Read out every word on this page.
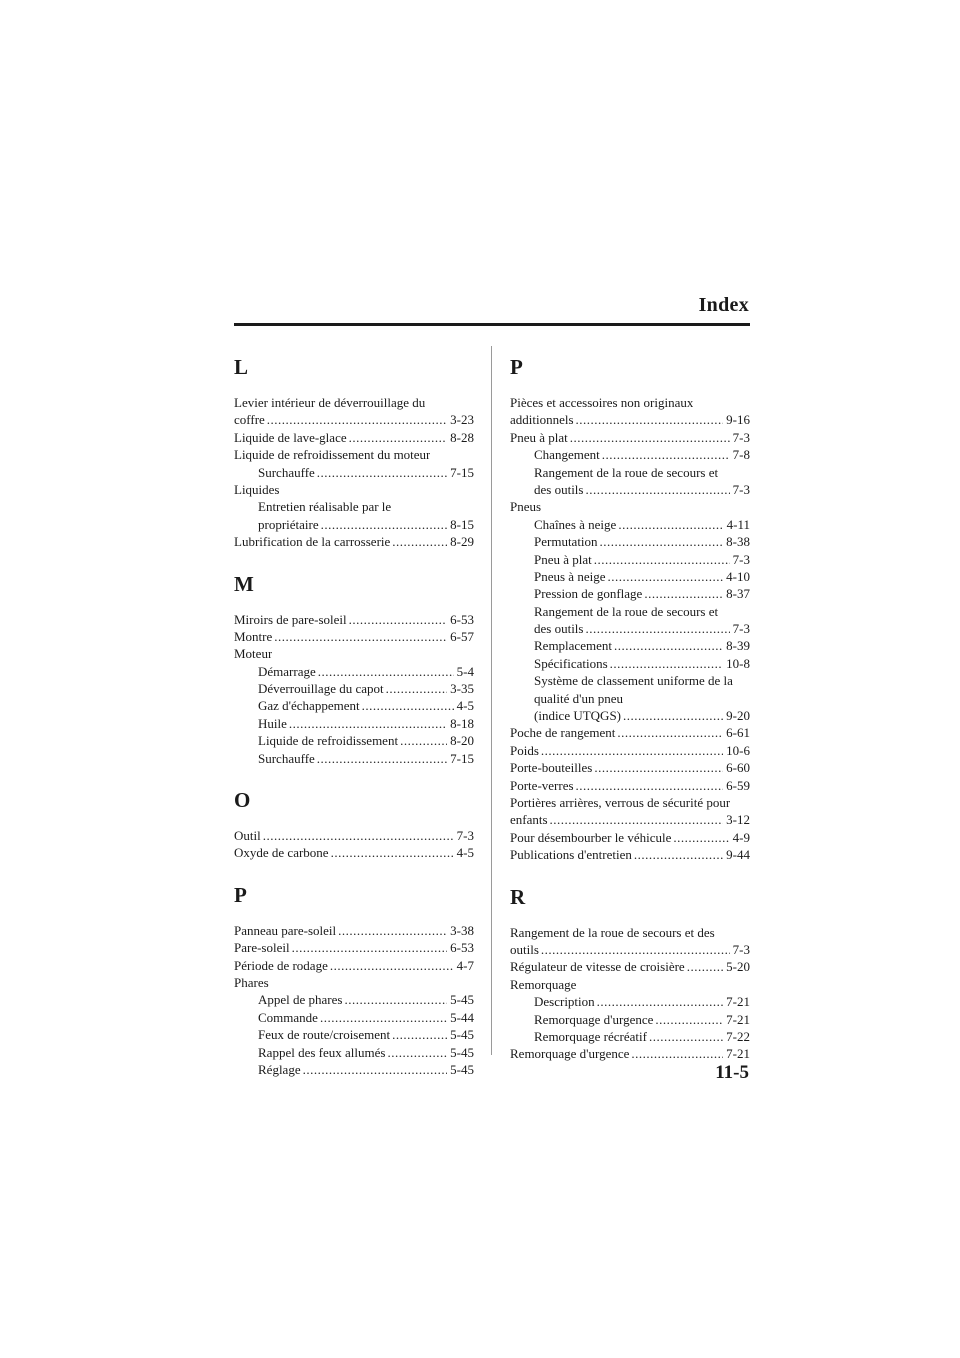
Index
L
Levier intérieur de déverrouillage du
coffre .....	3-23
Liquide de lave-glace .....	8-28
Liquide de refroidissement du moteur
Surchauffe .....	7-15
Liquides
Entretien réalisable par le
propriétaire .....	8-15
Lubrification de la carrosserie .....	8-29
M
Miroirs de pare-soleil .....	6-53
Montre .....	6-57
Moteur
Démarrage .....	5-4
Déverrouillage du capot .....	3-35
Gaz d'échappement .....	4-5
Huile .....	8-18
Liquide de refroidissement .....	8-20
Surchauffe .....	7-15
O
Outil .....	7-3
Oxyde de carbone .....	4-5
P
Panneau pare-soleil .....	3-38
Pare-soleil .....	6-53
Période de rodage .....	4-7
Phares
Appel de phares .....	5-45
Commande .....	5-44
Feux de route/croisement .....	5-45
Rappel des feux allumés .....	5-45
Réglage .....	5-45
P
Pièces et accessoires non originaux
additionnels .....	9-16
Pneu à plat .....	7-3
Changement .....	7-8
Rangement de la roue de secours et
des outils .....	7-3
Pneus
Chaînes à neige .....	4-11
Permutation .....	8-38
Pneu à plat .....	7-3
Pneus à neige .....	4-10
Pression de gonflage .....	8-37
Rangement de la roue de secours et
des outils .....	7-3
Remplacement .....	8-39
Spécifications .....	10-8
Système de classement uniforme de la
qualité d'un pneu
(indice UTQGS) .....	9-20
Poche de rangement .....	6-61
Poids .....	10-6
Porte-bouteilles .....	6-60
Porte-verres .....	6-59
Portières arrières, verrous de sécurité pour
enfants .....	3-12
Pour désembourber le véhicule .....	4-9
Publications d'entretien .....	9-44
R
Rangement de la roue de secours et des
outils .....	7-3
Régulateur de vitesse de croisière .....	5-20
Remorquage
Description .....	7-21
Remorquage d'urgence .....	7-21
Remorquage récréatif .....	7-22
Remorquage d'urgence .....	7-21
11-5
